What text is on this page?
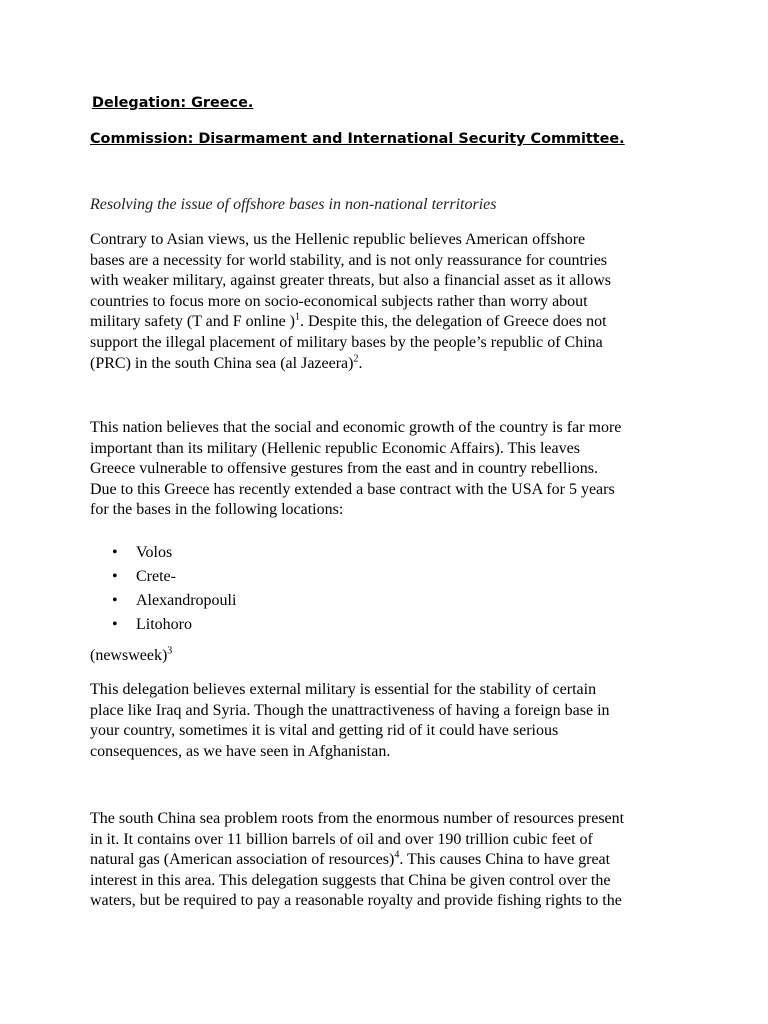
Delegation: Greece.
Commission: Disarmament and International Security Committee.
Resolving the issue of offshore bases in non-national territories
Contrary to Asian views, us the Hellenic republic believes American offshore
bases are a necessity for world stability, and is not only reassurance for countries
with weaker military, against greater threats, but also a financial asset as it allows
countries to focus more on socio-economical subjects rather than worry about
military safety (T and F online )$^1$. Despite this, the delegation of Greece does not
support the illegal placement of military bases by the people’s republic of China
(PRC) in the south China sea (al Jazeera)$^2$.
This nation believes that the social and economic growth of the country is far more
important than its military (Hellenic republic Economic Affairs). This leaves
Greece vulnerable to offensive gestures from the east and in country rebellions.
Due to this Greece has recently extended a base contract with the USA for 5 years
for the bases in the following locations:
• Volos
• Crete-
• Alexandropouli
• Litohoro
(newsweek)$^3$
This delegation believes external military is essential for the stability of certain
place like Iraq and Syria. Though the unattractiveness of having a foreign base in
your country, sometimes it is vital and getting rid of it could have serious
consequences, as we have seen in Afghanistan.
The south China sea problem roots from the enormous number of resources present
in it. It contains over 11 billion barrels of oil and over 190 trillion cubic feet of
natural gas (American association of resources)$^4$. This causes China to have great
interest in this area. This delegation suggests that China be given control over the
waters, but be required to pay a reasonable royalty and provide fishing rights to the
